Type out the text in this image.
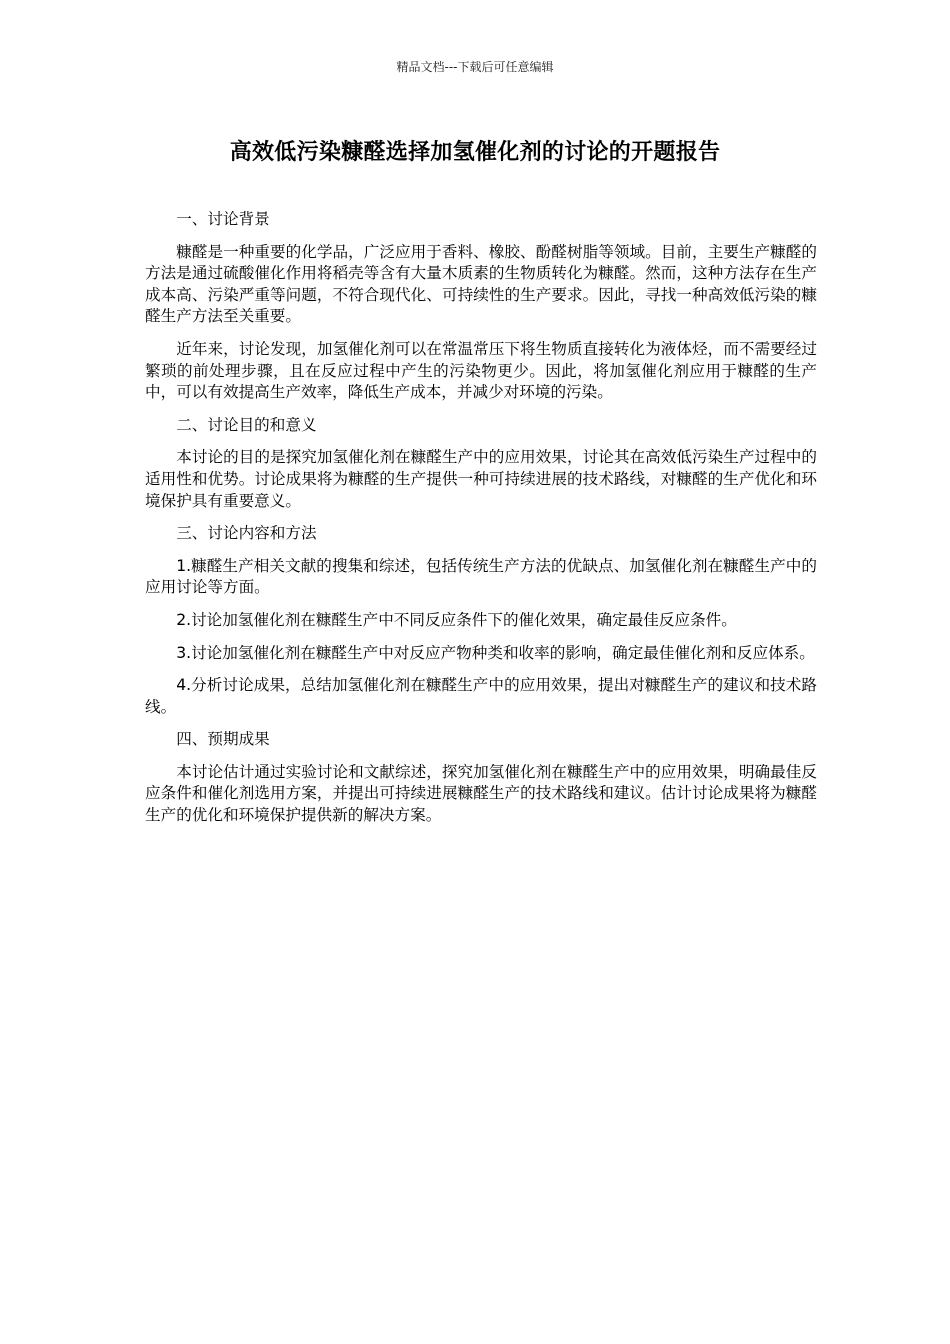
精品文档---下载后可任意编辑
高效低污染糠醛选择加氢催化剂的讨论的开题报告

一、讨论背景

糠醛是一种重要的化学品，广泛应用于香料、橡胶、酚醛树脂等领域。目前，主要生产糠醛的方法是通过硫酸催化作用将稻壳等含有大量木质素的生物质转化为糠醛。然而，这种方法存在生产成本高、污染严重等问题，不符合现代化、可持续性的生产要求。因此，寻找一种高效低污染的糠醛生产方法至关重要。

近年来，讨论发现，加氢催化剂可以在常温常压下将生物质直接转化为液体烃，而不需要经过繁琐的前处理步骤，且在反应过程中产生的污染物更少。因此，将加氢催化剂应用于糠醛的生产中，可以有效提高生产效率，降低生产成本，并减少对环境的污染。

二、讨论目的和意义

本讨论的目的是探究加氢催化剂在糠醛生产中的应用效果，讨论其在高效低污染生产过程中的适用性和优势。讨论成果将为糠醛的生产提供一种可持续进展的技术路线，对糠醛的生产优化和环境保护具有重要意义。

三、讨论内容和方法

1.糠醛生产相关文献的搜集和综述，包括传统生产方法的优缺点、加氢催化剂在糠醛生产中的应用讨论等方面。

2.讨论加氢催化剂在糠醛生产中不同反应条件下的催化效果，确定最佳反应条件。

3.讨论加氢催化剂在糠醛生产中对反应产物种类和收率的影响，确定最佳催化剂和反应体系。

4.分析讨论成果，总结加氢催化剂在糠醛生产中的应用效果，提出对糠醛生产的建议和技术路线。

四、预期成果

本讨论估计通过实验讨论和文献综述，探究加氢催化剂在糠醛生产中的应用效果，明确最佳反应条件和催化剂选用方案，并提出可持续进展糠醛生产的技术路线和建议。估计讨论成果将为糠醛生产的优化和环境保护提供新的解决方案。
